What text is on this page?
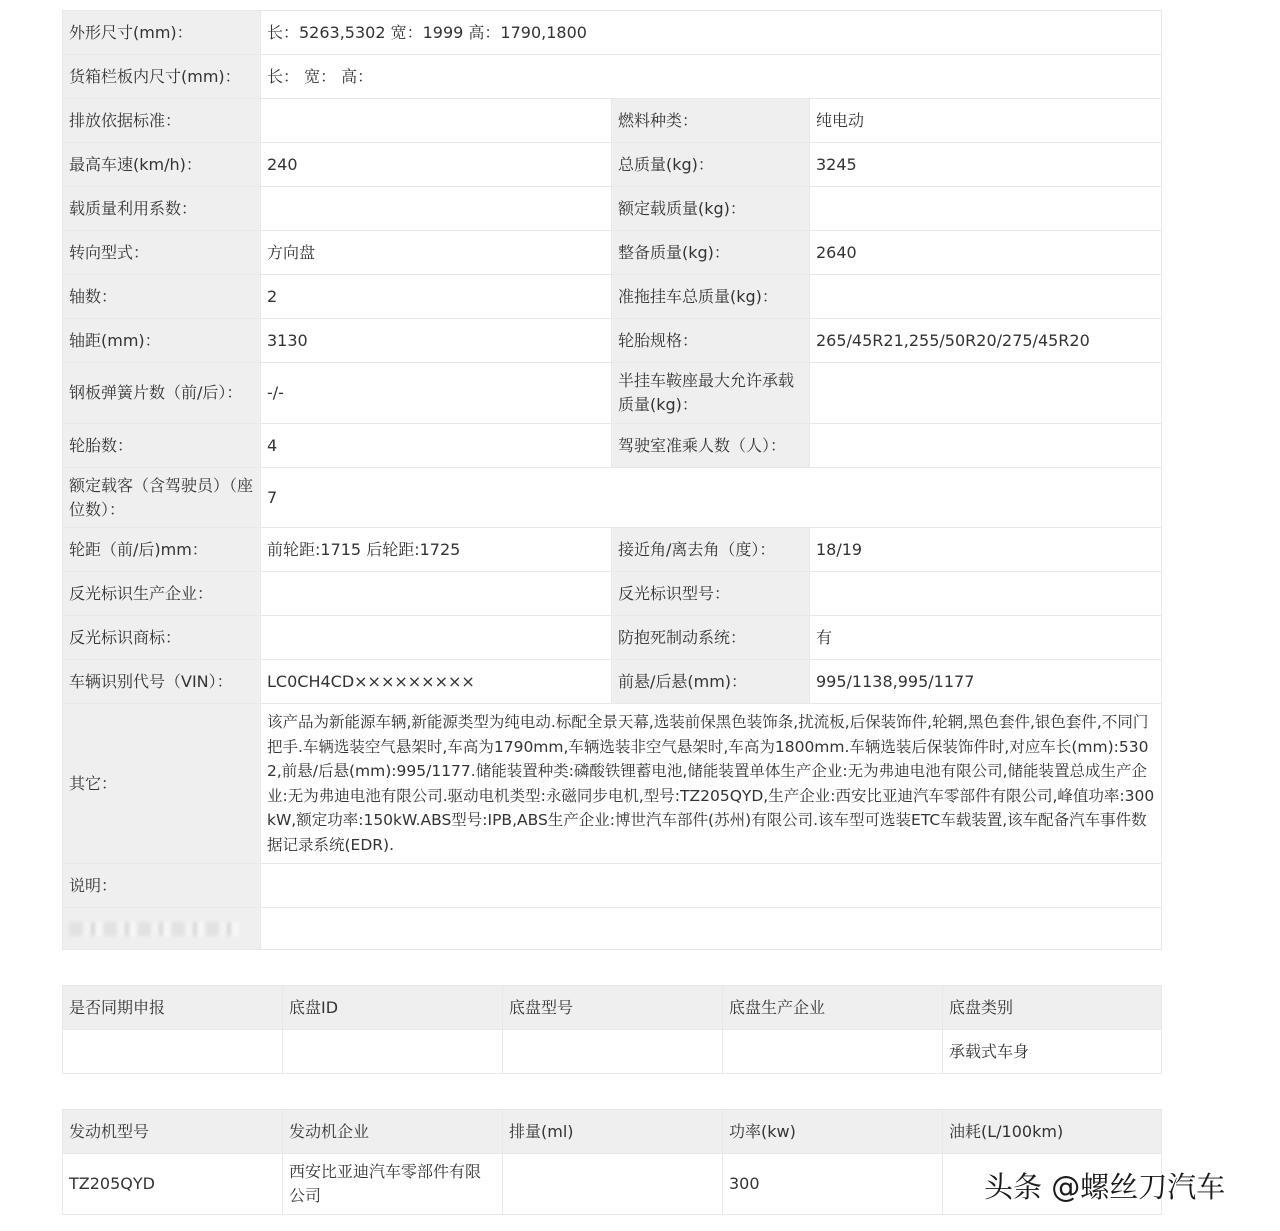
外形尺寸(mm)：	长：5263,5302 宽：1999 高：1790,1800		
货箱栏板内尺寸(mm)：	长： 宽： 高：		
排放依据标准：		燃料种类：	纯电动
最高车速(km/h)：	240	总质量(kg)：	3245
载质量利用系数：		额定载质量(kg)：	
转向型式：	方向盘	整备质量(kg)：	2640
轴数：	2	准拖挂车总质量(kg)：	
轴距(mm)：	3130	轮胎规格：	265/45R21,255/50R20/275/45R20
钢板弹簧片数（前/后）：	-/-	半挂车鞍座最大允许承载质量(kg)：	
轮胎数：	4	驾驶室准乘人数（人）：	
额定载客（含驾驶员）（座位数）：	7		
轮距（前/后)mm：	前轮距:1715 后轮距:1725	接近角/离去角（度）：	18/19
反光标识生产企业：		反光标识型号：	
反光标识商标：		防抱死制动系统：	有
车辆识别代号（VIN）：	LC0CH4CD×××××××××	前悬/后悬(mm)：	995/1138,995/1177
其它：	该产品为新能源车辆,新能源类型为纯电动.标配全景天幕,选装前保黑色装饰条,扰流板,后保装饰件,轮辋,黑色套件,银色套件,不同门把手.车辆选装空气悬架时,车高为1790mm,车辆选装非空气悬架时,车高为1800mm.车辆选装后保装饰件时,对应车长(mm):5302,前悬/后悬(mm):995/1177.储能装置种类:磷酸铁锂蓄电池,储能装置单体生产企业:无为弗迪电池有限公司,储能装置总成生产企业:无为弗迪电池有限公司.驱动电机类型:永磁同步电机,型号:TZ205QYD,生产企业:西安比亚迪汽车零部件有限公司,峰值功率:300kW,额定功率:150kW.ABS型号:IPB,ABS生产企业:博世汽车部件(苏州)有限公司.该车型可选装ETC车载装置,该车配备汽车事件数据记录系统(EDR).		
说明：			

是否同期申报	底盘ID	底盘型号	底盘生产企业	底盘类别
				承载式车身
发动机型号	发动机企业	排量(ml)	功率(kw)	油耗(L/100km)
TZ205QYD	西安比亚迪汽车零部件有限公司		300		头条 @螺丝刀汽车
